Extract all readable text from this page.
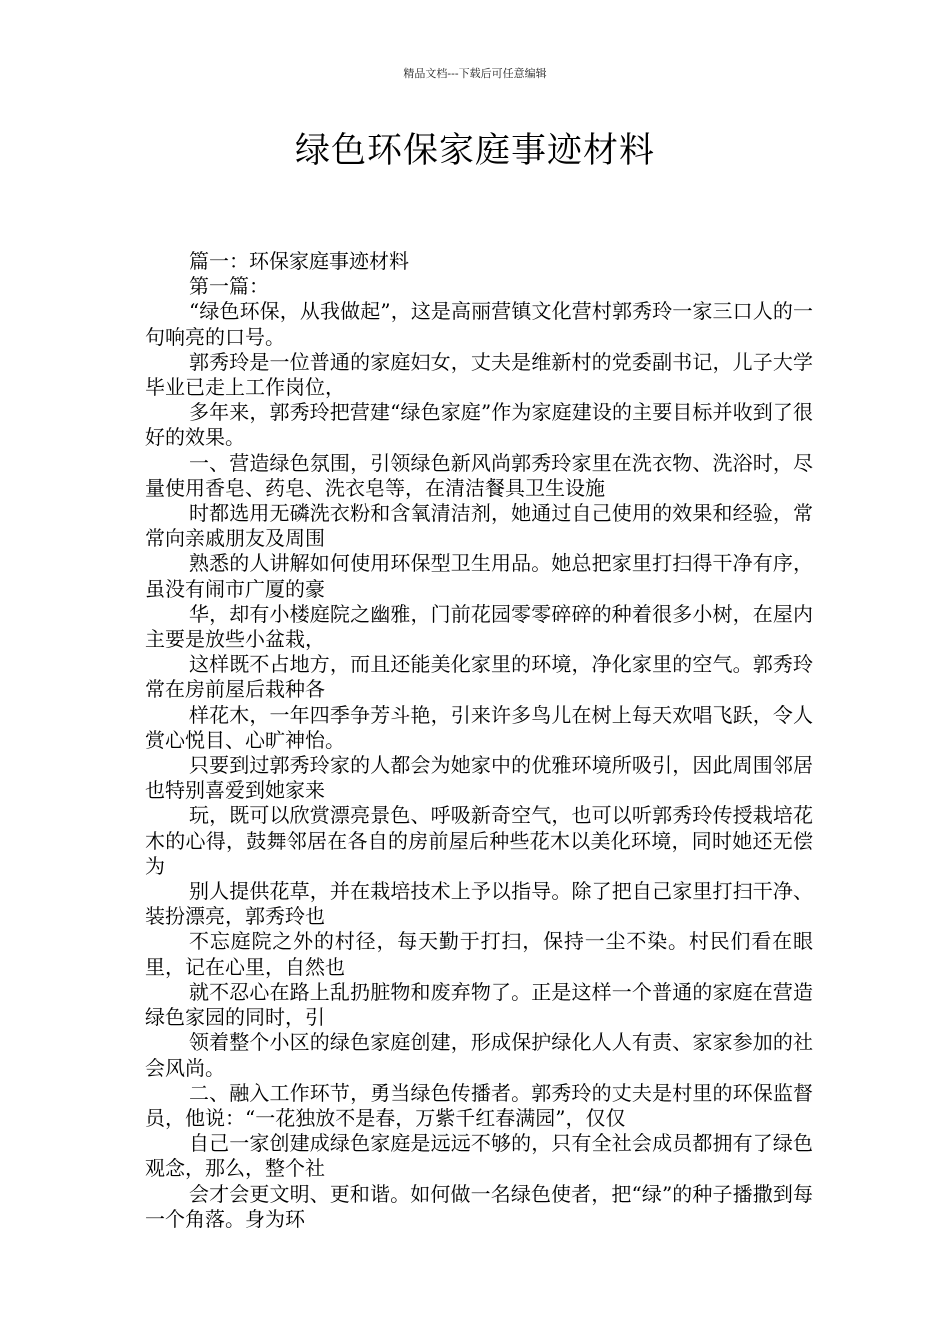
精品文档---下载后可任意编辑
绿色环保家庭事迹材料

篇一：环保家庭事迹材料

第一篇：

“绿色环保，从我做起”，这是高丽营镇文化营村郭秀玲一家三口人的一句响亮的口号。

郭秀玲是一位普通的家庭妇女，丈夫是维新村的党委副书记，儿子大学毕业已走上工作岗位，

多年来，郭秀玲把营建“绿色家庭”作为家庭建设的主要目标并收到了很好的效果。

一、营造绿色氛围，引领绿色新风尚郭秀玲家里在洗衣物、洗浴时，尽量使用香皂、药皂、洗衣皂等，在清洁餐具卫生设施

时都选用无磷洗衣粉和含氧清洁剂，她通过自己使用的效果和经验，常常向亲戚朋友及周围

熟悉的人讲解如何使用环保型卫生用品。她总把家里打扫得干净有序，虽没有闹市广厦的豪

华，却有小楼庭院之幽雅，门前花园零零碎碎的种着很多小树，在屋内主要是放些小盆栽，

这样既不占地方，而且还能美化家里的环境，净化家里的空气。郭秀玲常在房前屋后栽种各

样花木，一年四季争芳斗艳，引来许多鸟儿在树上每天欢唱飞跃，令人赏心悦目、心旷神怡。

只要到过郭秀玲家的人都会为她家中的优雅环境所吸引，因此周围邻居也特别喜爱到她家来

玩，既可以欣赏漂亮景色、呼吸新奇空气，也可以听郭秀玲传授栽培花木的心得，鼓舞邻居在各自的房前屋后种些花木以美化环境，同时她还无偿为

别人提供花草，并在栽培技术上予以指导。除了把自己家里打扫干净、装扮漂亮，郭秀玲也

不忘庭院之外的村径，每天勤于打扫，保持一尘不染。村民们看在眼里，记在心里，自然也

就不忍心在路上乱扔脏物和废弃物了。正是这样一个普通的家庭在营造绿色家园的同时，引

领着整个小区的绿色家庭创建，形成保护绿化人人有责、家家参加的社会风尚。

二、融入工作环节，勇当绿色传播者。郭秀玲的丈夫是村里的环保监督员，他说：“一花独放不是春，万紫千红春满园”，仅仅

自己一家创建成绿色家庭是远远不够的，只有全社会成员都拥有了绿色观念，那么，整个社

会才会更文明、更和谐。如何做一名绿色使者，把“绿”的种子播撒到每一个角落。身为环
